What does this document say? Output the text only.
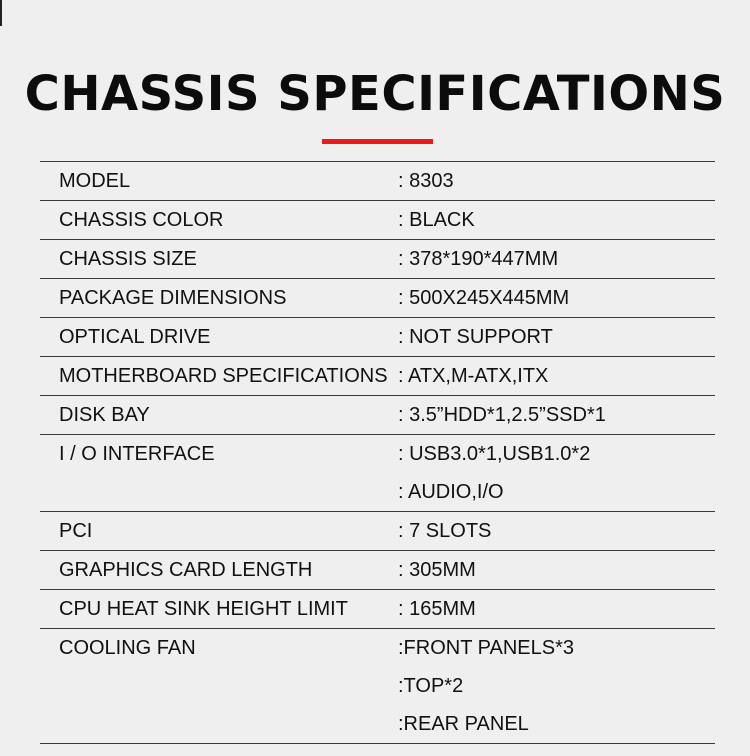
CHASSIS SPECIFICATIONS
MODEL	: 8303
CHASSIS COLOR	: BLACK
CHASSIS SIZE	: 378*190*447MM
PACKAGE DIMENSIONS	: 500X245X445MM
OPTICAL DRIVE	: NOT SUPPORT
MOTHERBOARD SPECIFICATIONS : ATX,M-ATX,ITX
DISK BAY	: 3.5”HDD*1,2.5”SSD*1
I / O INTERFACE	: USB3.0*1,USB1.0*2
: AUDIO,I/O
PCI	: 7 SLOTS
GRAPHICS CARD LENGTH	: 305MM
CPU HEAT SINK HEIGHT LIMIT	: 165MM
COOLING FAN	:FRONT PANELS*3
:TOP*2
:REAR PANEL
